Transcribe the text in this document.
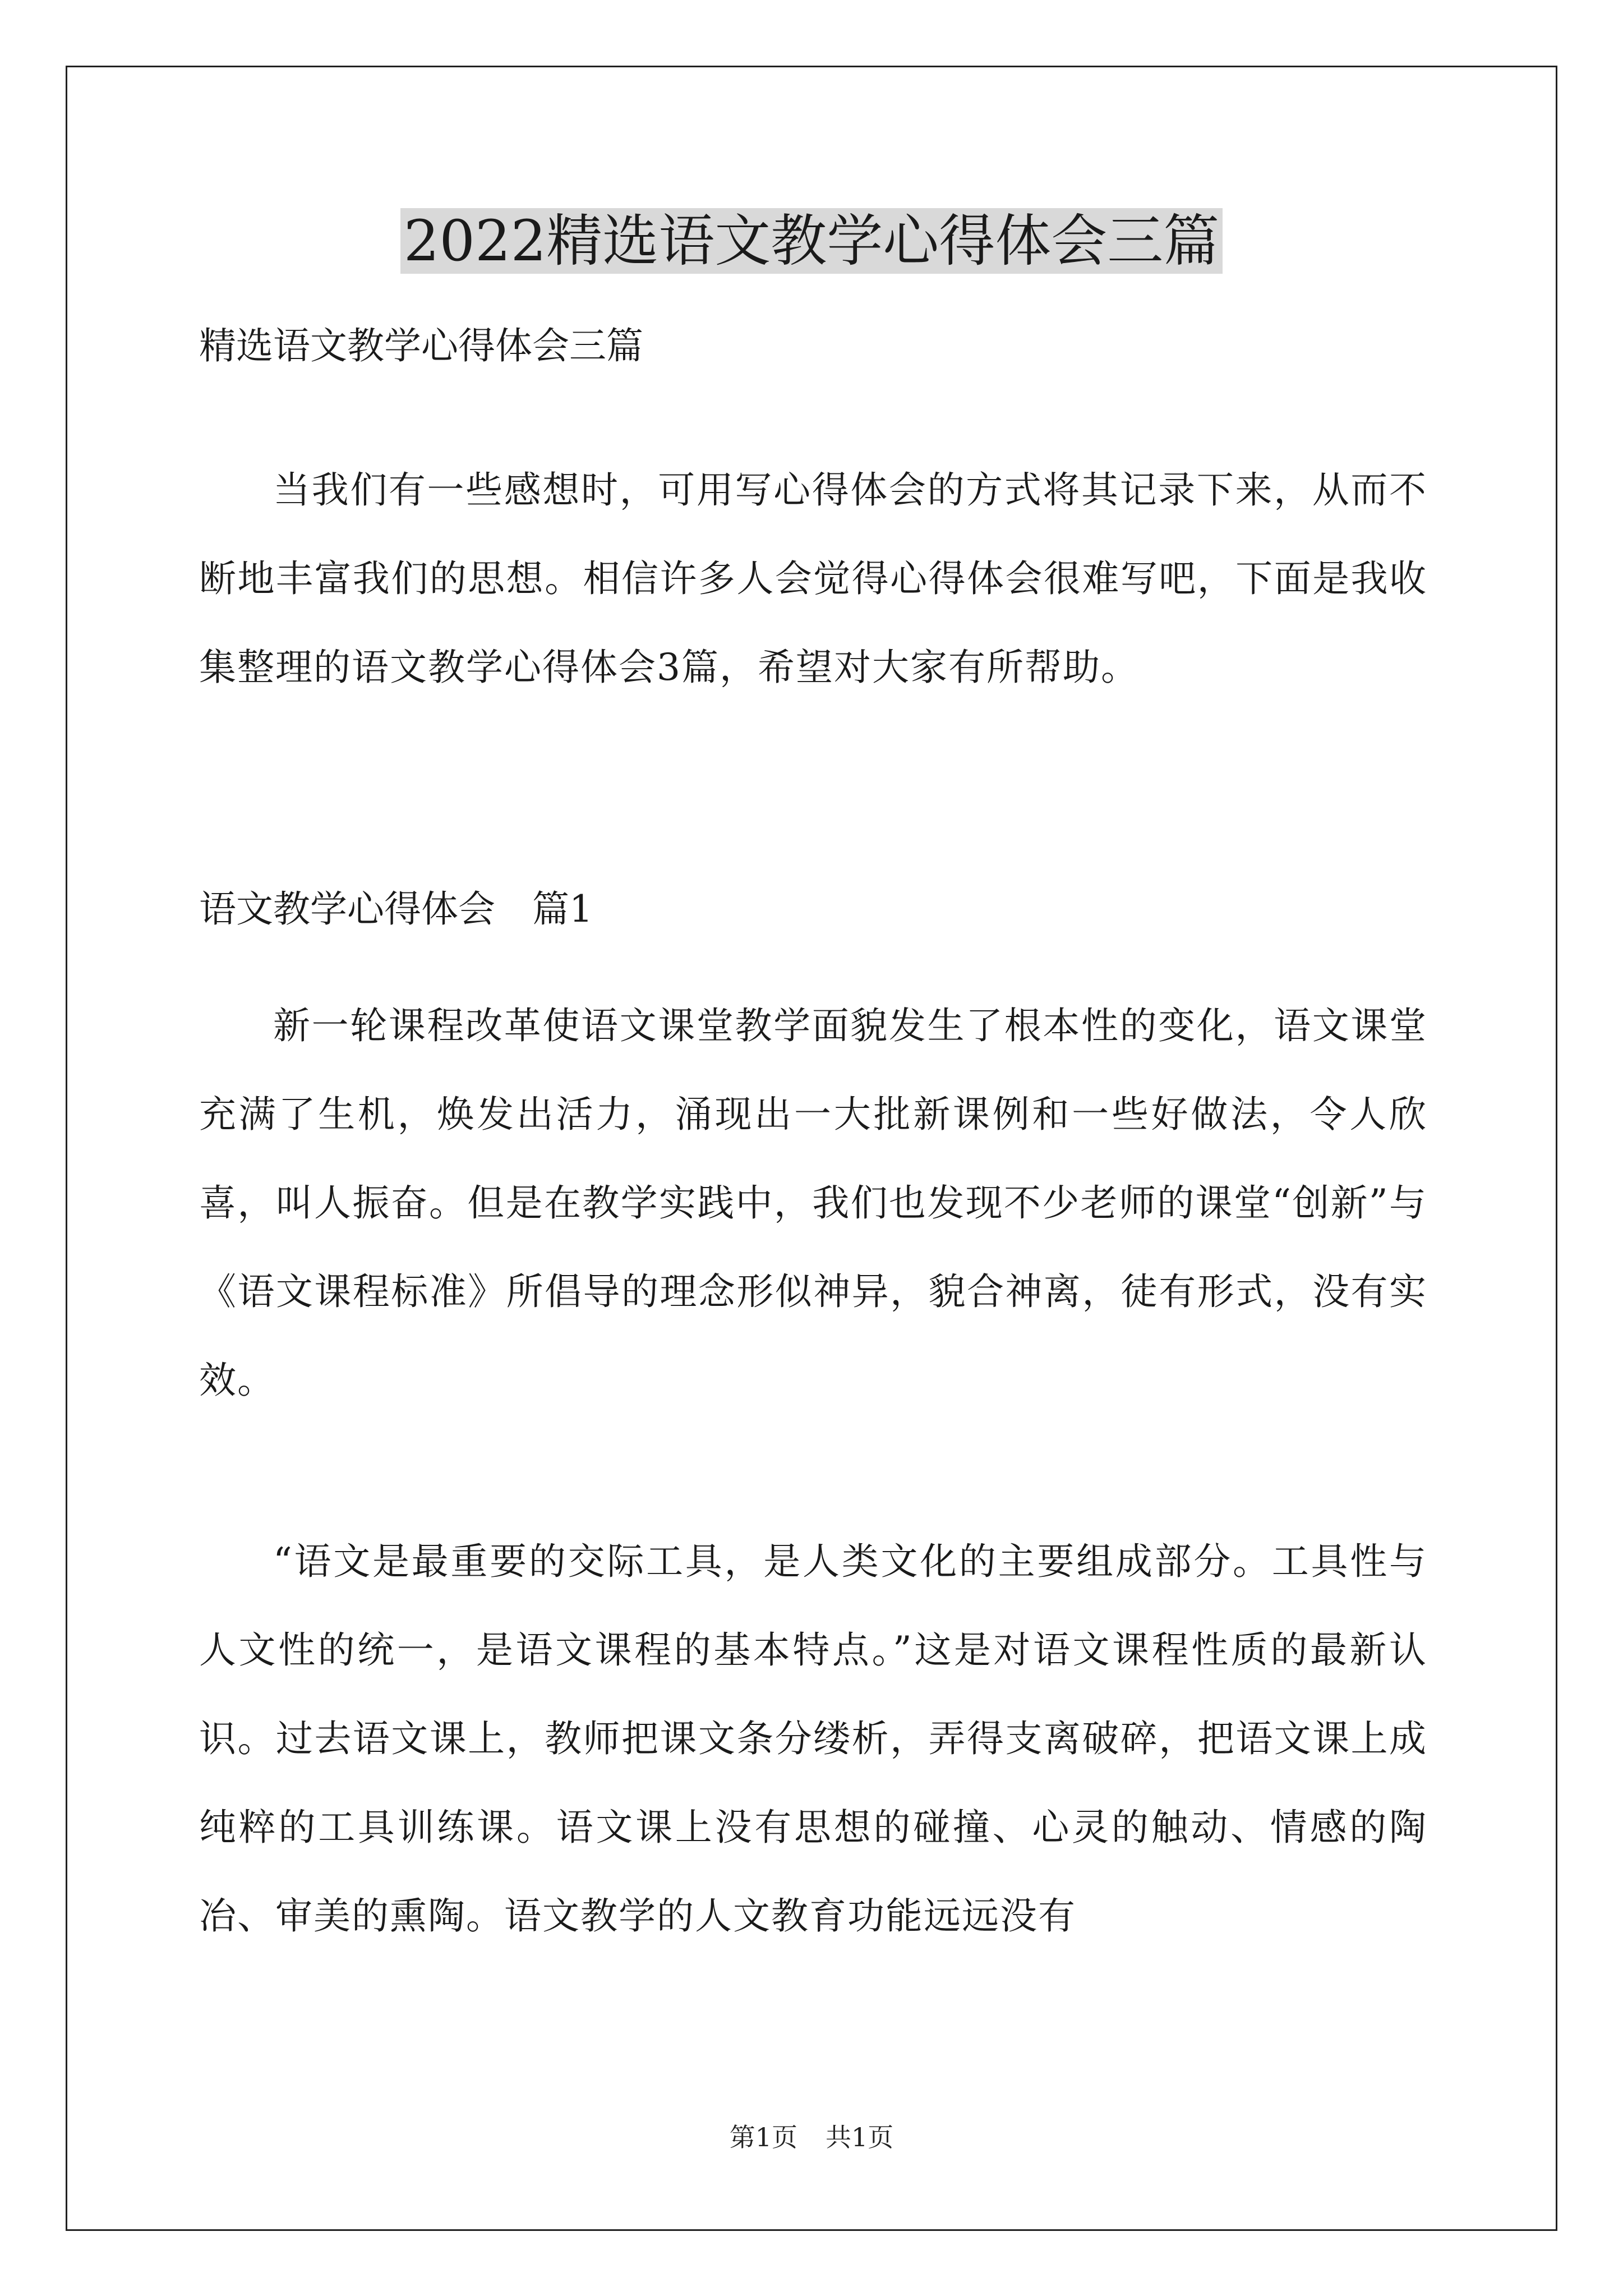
2022精选语文教学心得体会三篇

精选语文教学心得体会三篇

当我们有一些感想时，可用写心得体会的方式将其记录下来，从而不断地丰富我们的思想。相信许多人会觉得心得体会很难写吧，下面是我收集整理的语文教学心得体会3篇，希望对大家有所帮助。

语文教学心得体会　篇1

新一轮课程改革使语文课堂教学面貌发生了根本性的变化，语文课堂充满了生机，焕发出活力，涌现出一大批新课例和一些好做法，令人欣喜，叫人振奋。但是在教学实践中，我们也发现不少老师的课堂“创新”与《语文课程标准》所倡导的理念形似神异，貌合神离，徒有形式，没有实效。

“语文是最重要的交际工具，是人类文化的主要组成部分。工具性与人文性的统一，是语文课程的基本特点。”这是对语文课程性质的最新认识。过去语文课上，教师把课文条分缕析，弄得支离破碎，把语文课上成纯粹的工具训练课。语文课上没有思想的碰撞、心灵的触动、情感的陶冶、审美的熏陶。语文教学的人文教育功能远远没有

第1页 共1页
